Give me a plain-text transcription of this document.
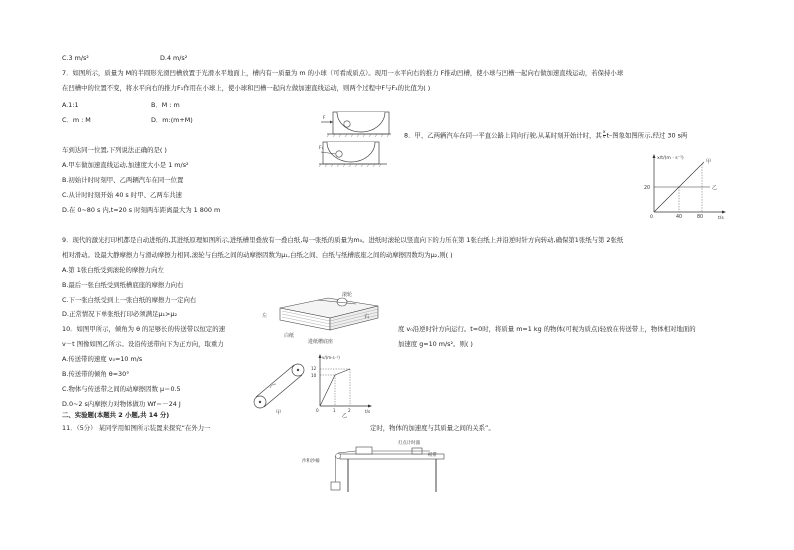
C.3 m/s²	D.4 m/s²
7．如图所示，质量为 M的半圆形光滑凹槽放置于光滑水平地面上，槽内有一质量为 m 的小球（可看成质点）。现用一水平向右的推力 F推动凹槽，使小球与凹槽一起向右做加速直线运动，若保持小球
在凹槽中的位置不变，将水平向右的推力F₁作用在小球上，使小球和凹槽一起向左做加速直线运动，则两个过程中F与F₁的比值为( )
A.1:1	B．M : m
C．m : M	D．m:(m+M)	F
F₁
8．甲、乙两辆汽车在同一平直公路上同向行驶,从某时刻开始计时，其 $\frac{x}{t} t-$图象如图所示,经过 30 s两
车到达同一位置,下列说法正确的是( )
A.甲车做加速直线运动,加速度大小是 1 m/s²
B.初始计时时刻甲、乙两辆汽车在同一位置
C.从计时时刻开始 40 s 时甲、乙两车共速
D.在 0~80 s 内,t=20 s 时刻两车距离最大为 1 800 m
x/t/(m · s⁻¹)
t/s
0
20
40	80
甲
乙
9．现代的激光打印机都是自动进纸的,其进纸原理如图所示,进纸槽里叠放有一叠白纸,每一张纸的质量为m₀。进纸时滚轮以竖直向下的力压在第 1张白纸上并沿逆时针方向转动,确保第1张纸与第 2张纸
相对滑动。设最大静摩擦力与滑动摩擦力相同,滚轮与白纸之间的动摩擦因数为μ₁,白纸之间、白纸与纸槽底座之间的动摩擦因数均为μ₂,则( )
A.第 1张白纸受到滚轮的摩擦力向左
B.最后一张白纸受到纸槽底座的摩擦力向右
C.下一张白纸受到上一张白纸的摩擦力一定向右
D.正常情况下单张纸打印必须满足μ₁>μ₂
滚轮
左	右
白纸
进纸槽底座
10．如图甲所示，倾角为 θ 的足够长的传送带以恒定的速	度 v₀沿逆时针方向运行。t=0时，将质量 m=1 kg 的物体(可视为质点)轻放在传送带上，物体相对地面的
v－t 图像如图乙所示。设沿传送带向下为正方向，取重力	加速度 g=10 m/s²。则( )
A.传送带的速度 v₀=10 m/s
B.传送带的倾角 θ=30°
C.物体与传送带之间的动摩擦因数 μ＝0.5
D.0~2 s内摩擦力对物体做功 Wf＝－24 J
甲
v/(m·s⁻¹)
t/s
0
12
10
1	2
乙
二、实验题(本题共 2 小题,共 14 分)
11．（5分） 某同学用如图所示装置来探究“在外力一	定时，物体的加速度与其质量之间的关系”。
沙和沙桶
打点计时器
纸带
